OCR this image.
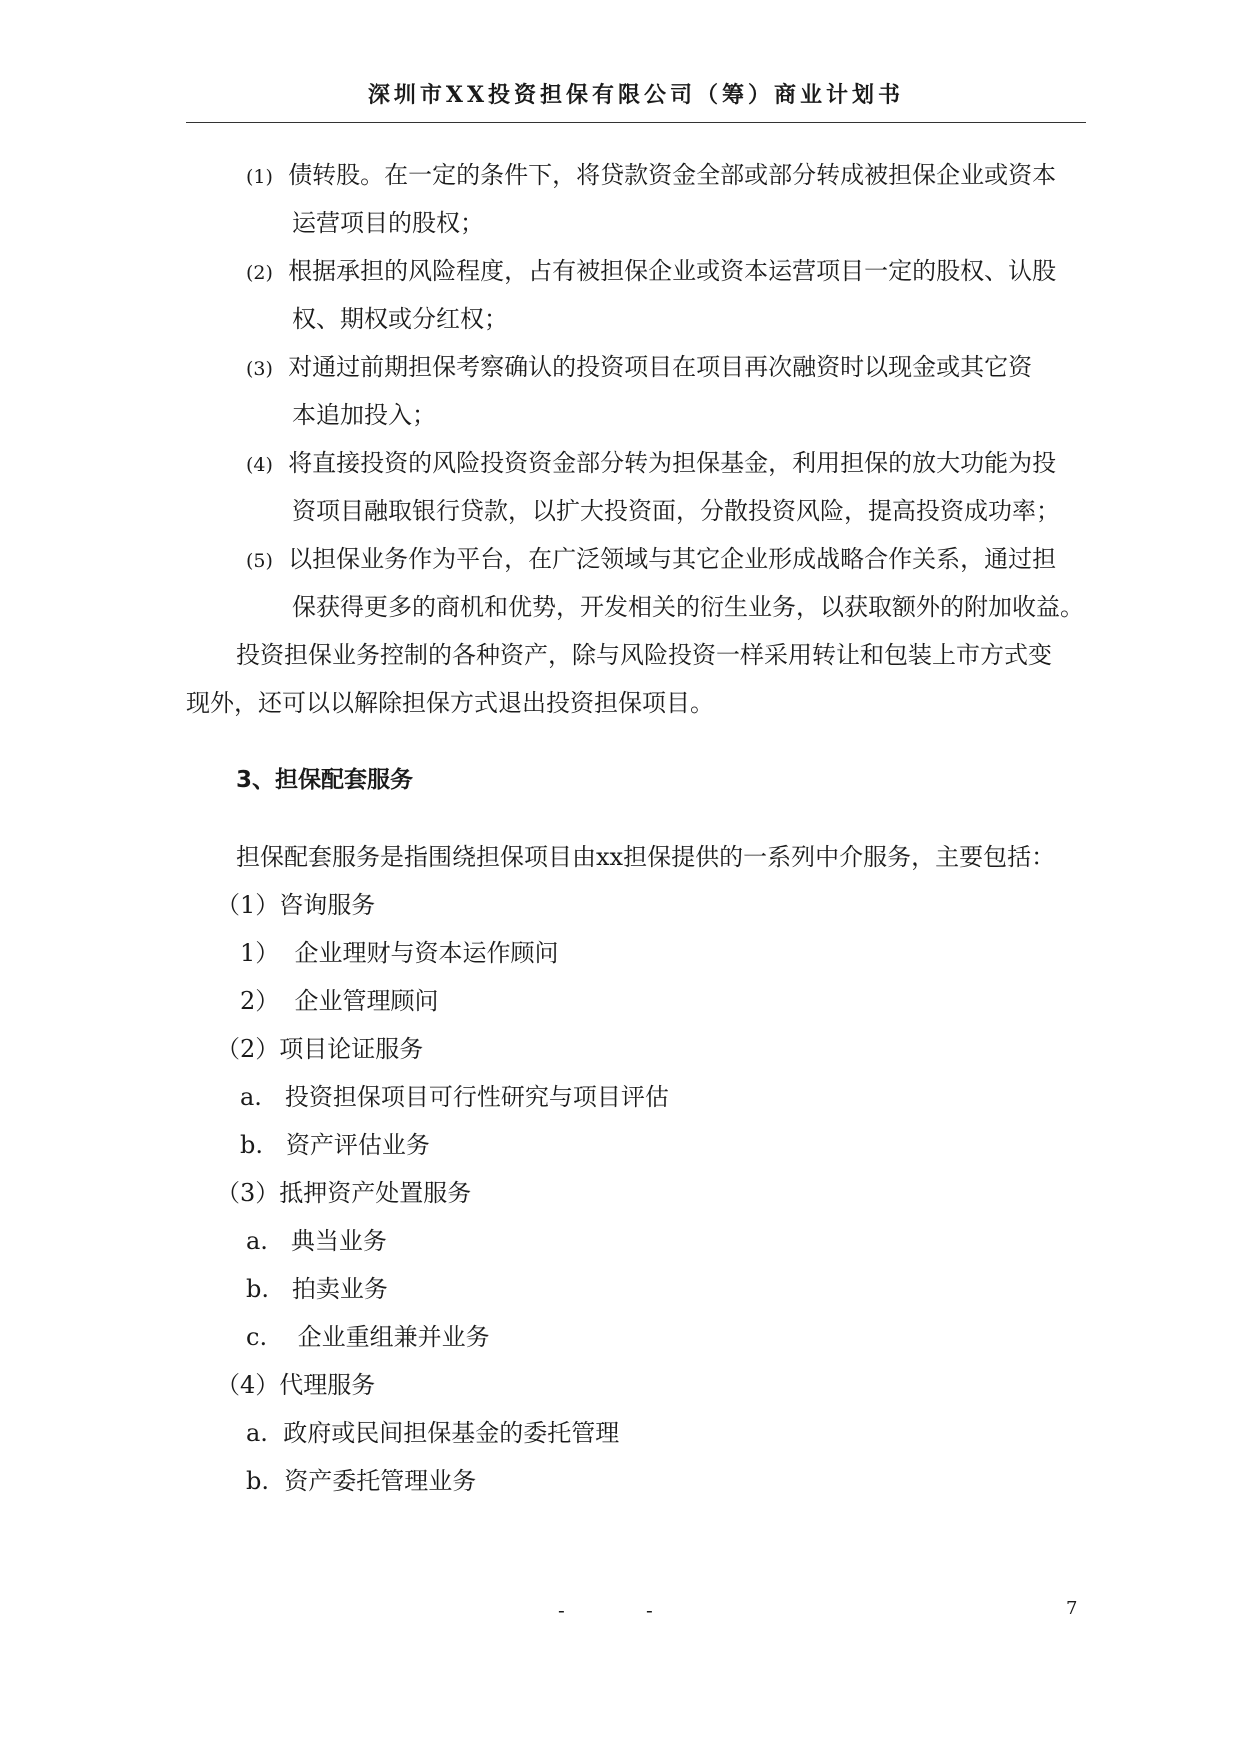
深圳市XX投资担保有限公司（筹）商业计划书
(1) 债转股。在一定的条件下，将贷款资金全部或部分转成被担保企业或资本
运营项目的股权；
(2) 根据承担的风险程度，占有被担保企业或资本运营项目一定的股权、认股
权、期权或分红权；
(3) 对通过前期担保考察确认的投资项目在项目再次融资时以现金或其它资
本追加投入；
(4) 将直接投资的风险投资资金部分转为担保基金，利用担保的放大功能为投
资项目融取银行贷款，以扩大投资面，分散投资风险，提高投资成功率；
(5) 以担保业务作为平台，在广泛领域与其它企业形成战略合作关系，通过担
保获得更多的商机和优势，开发相关的衍生业务，以获取额外的附加收益。
投资担保业务控制的各种资产，除与风险投资一样采用转让和包装上市方式变
现外，还可以以解除担保方式退出投资担保项目。
3、担保配套服务
担保配套服务是指围绕担保项目由xx担保提供的一系列中介服务，主要包括：
（1）咨询服务
1） 企业理财与资本运作顾问
2） 企业管理顾问
（2）项目论证服务
a. 投资担保项目可行性研究与项目评估
b. 资产评估业务
（3）抵押资产处置服务
a. 典当业务
b. 拍卖业务
c. 企业重组兼并业务
（4）代理服务
a. 政府或民间担保基金的委托管理
b. 资产委托管理业务
-	-	7
